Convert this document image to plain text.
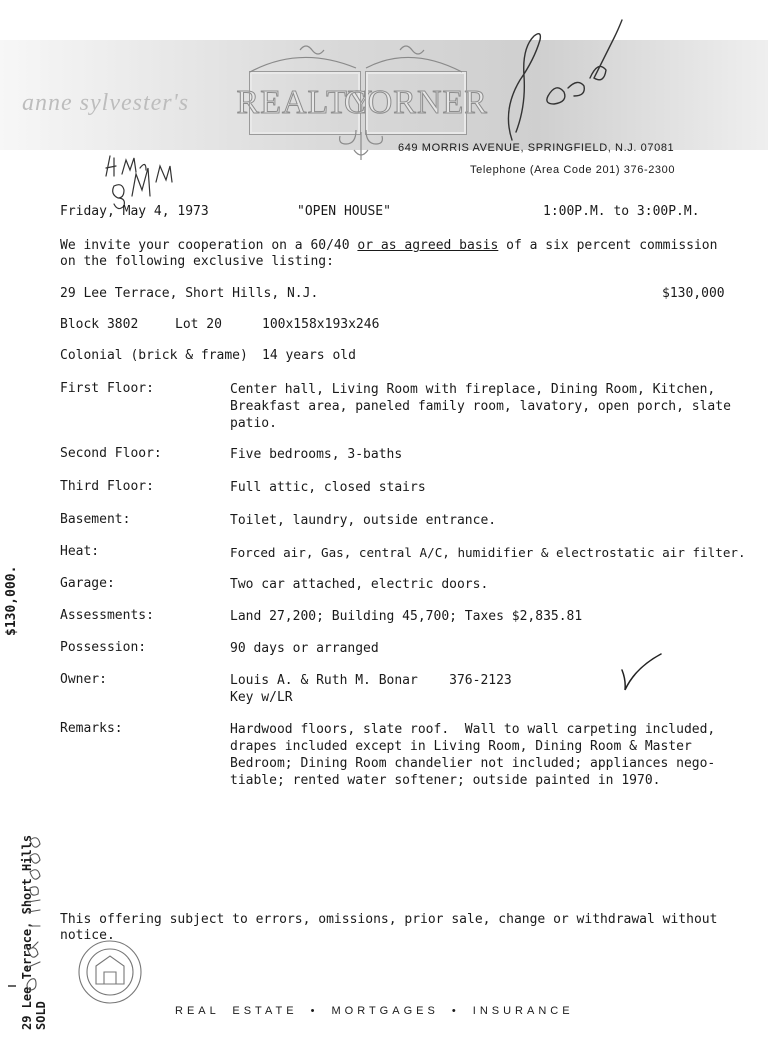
anne sylvester's REALTY
CORNER
649 MORRIS AVENUE, SPRINGFIELD, N.J. 07081
Telephone (Area Code 201) 376-2300
Friday, May 4, 1973	"OPEN HOUSE"	1:00P.M. to 3:00P.M.
We invite your cooperation on a 60/40 or as agreed basis of a six percent commission
on the following exclusive listing:
29 Lee Terrace, Short Hills, N.J.	$130,000
Block 3802	Lot 20	100x158x193x246
Colonial (brick & frame) 14 years old
First Floor:	Center hall, Living Room with fireplace, Dining Room, Kitchen,
Breakfast area, paneled family room, lavatory, open porch, slate
patio.
Second Floor:	Five bedrooms, 3-baths
Third Floor:	Full attic, closed stairs
Basement:	Toilet, laundry, outside entrance.
Heat:	Forced air, Gas, central A/C, humidifier & electrostatic air filter.
Garage:	Two car attached, electric doors.
Assessments:	Land 27,200; Building 45,700; Taxes $2,835.81
Possession:	90 days or arranged
Owner:	Louis A. & Ruth M. Bonar    376-2123
Key w/LR
Remarks:	Hardwood floors, slate roof.  Wall to wall carpeting included,
drapes included except in Living Room, Dining Room & Master
Bedroom; Dining Room chandelier not included; appliances nego-
tiable; rented water softener; outside painted in 1970.
This offering subject to errors, omissions, prior sale, change or withdrawal without
notice.
REAL ESTATE • MORTGAGES • INSURANCE
29 Lee Terrace, Short Hills SOLD
$130,000.
